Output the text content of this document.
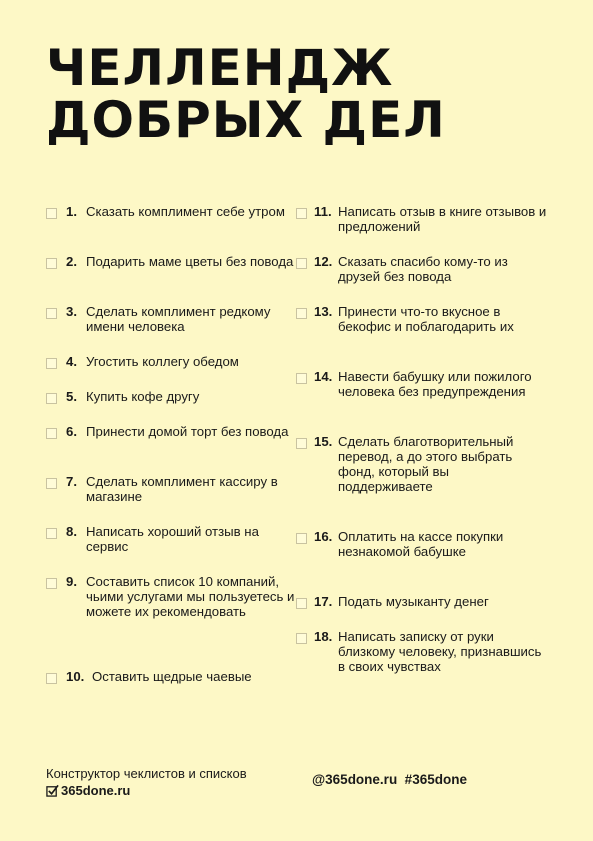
ЧЕЛЛЕНДЖ
ДОБРЫХ ДЕЛ
1. Сказать комплимент себе утром
2. Подарить маме цветы без повода
3. Сделать комплимент редкому имени человека
4. Угостить коллегу обедом
5. Купить кофе другу
6. Принести домой торт без повода
7. Сделать комплимент кассиру в магазине
8. Написать хороший отзыв на сервис
9. Составить список 10 компаний, чьими услугами мы пользуетесь и можете их рекомендовать
10. Оставить щедрые чаевые
11. Написать отзыв в книге отзывов и предложений
12. Сказать спасибо кому-то из друзей без повода
13. Принести что-то вкусное в бекофис и поблагодарить их
14. Навести бабушку или пожилого человека без предупреждения
15. Сделать благотворительный перевод, а до этого выбрать фонд, который вы поддерживаете
16. Оплатить на кассе покупки незнакомой бабушке
17. Подать музыканту денег
18. Написать записку от руки близкому человеку, признавшись в своих чувствах
Конструктор чеклистов и списков
365done.ru
@365done.ru  #365done
